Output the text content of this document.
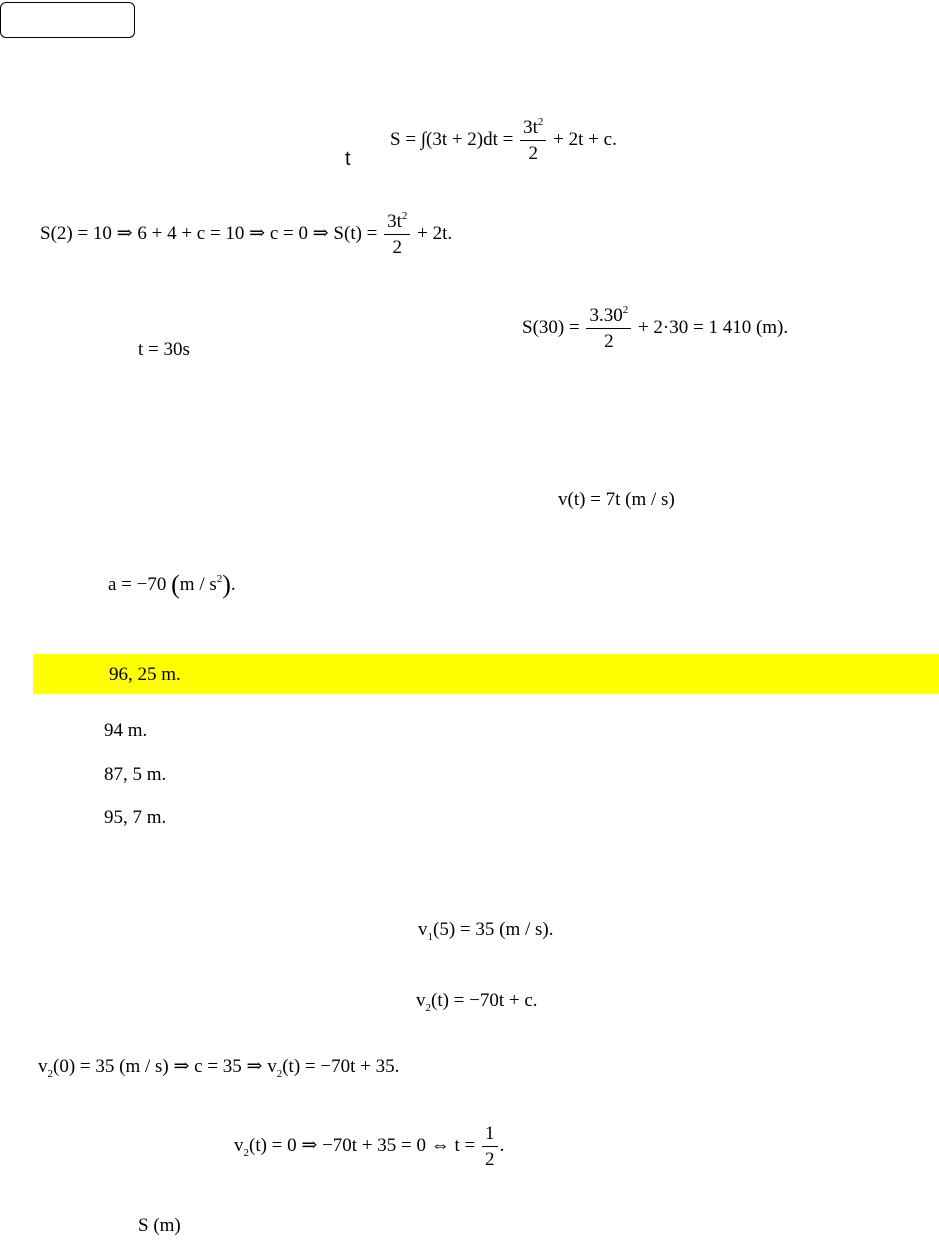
t
$S = \int(3t + 2)dt = \frac{3t^2}{2} + 2t + c$.
S(2) = 10 ⇒ 6 + 4 + c = 10 ⇒ c = 0 ⇒ $S(t) = \frac{3t^2}{2} + 2t$.
t = 30s
$S(30) = \frac{3.30^2}{2} + 2\cdot 30 = 1$ 410 (m).
v(t) = 7t (m / s)
a = −70 $(m / s^2)$.
96, 25 m.
94 m.
87, 5 m.
95, 7 m.
$v_1(5) = 35$ (m / s).
$v_2(t) = -70t + c$.
$v_2(0) = 35$ (m / s) ⇒ c = 35 ⇒ $v_2(t) = -70t + 35$.
$v_2(t) = 0$ ⇒ −70t + 35 = 0 ⇔ $t = \frac{1}{2}$ .
S (m)
